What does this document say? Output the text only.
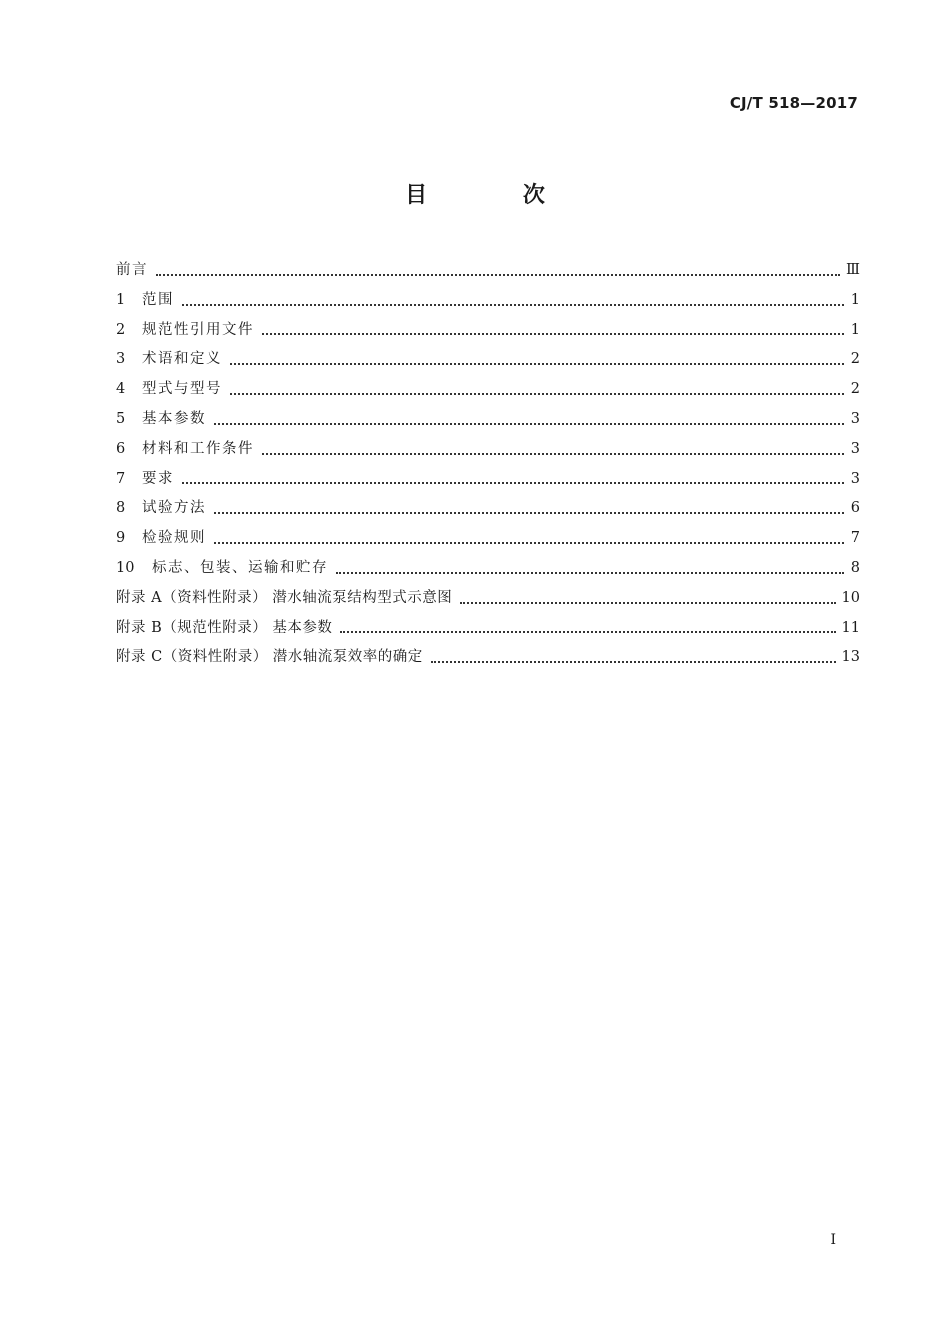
CJ/T 518—2017
目 次
前言	Ⅲ
1	范围	1
2	规范性引用文件	1
3	术语和定义	2
4	型式与型号	2
5	基本参数	3
6	材料和工作条件	3
7	要求	3
8	试验方法	6
9	检验规则	7
10	标志、包装、运输和贮存	8
附录 A（资料性附录） 潜水轴流泵结构型式示意图	10
附录 B（规范性附录） 基本参数	11
附录 C（资料性附录） 潜水轴流泵效率的确定	13
I
